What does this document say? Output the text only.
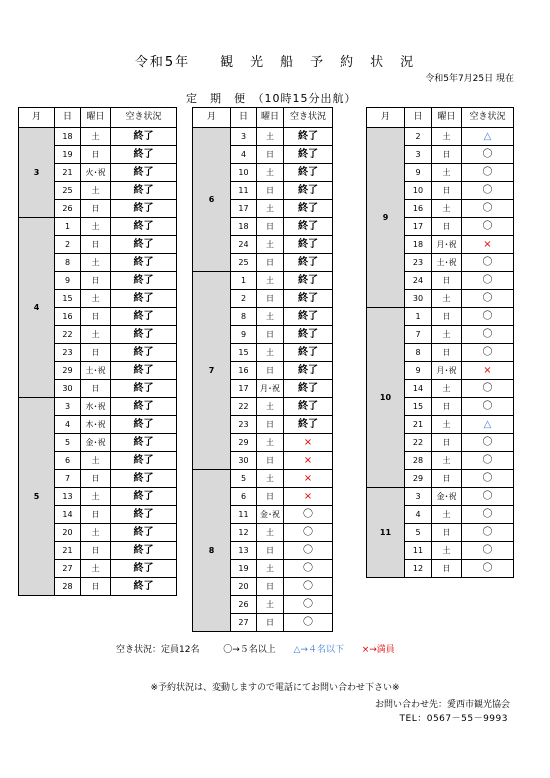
令和5年　　観　光　船　予　約　状　況
令和5年7月25日 現在
定　期　便　（10時15分出航）
月	日	曜日	空き状況
3	18	土	終了
	19	日	終了
	21	火･祝	終了
	25	土	終了
	26	日	終了
4	1	土	終了
	2	日	終了
	8	土	終了
	9	日	終了
	15	土	終了
	16	日	終了
	22	土	終了
	23	日	終了
	29	土･祝	終了
	30	日	終了
5	3	水･祝	終了
	4	木･祝	終了
	5	金･祝	終了
	6	土	終了
	7	日	終了
	13	土	終了
	14	日	終了
	20	土	終了
	21	日	終了
	27	土	終了
	28	日	終了
月	日	曜日	空き状況
6	3	土	終了
	4	日	終了
	10	土	終了
	11	日	終了
	17	土	終了
	18	日	終了
	24	土	終了
	25	日	終了
7	1	土	終了
	2	日	終了
	8	土	終了
	9	日	終了
	15	土	終了
	16	日	終了
	17	月･祝	終了
	22	土	終了
	23	日	終了
	29	土	×
	30	日	×
8	5	土	×
	6	日	×
	11	金･祝	〇
	12	土	〇
	13	日	〇
	19	土	〇
	20	日	〇
	26	土	〇
	27	日	〇
月	日	曜日	空き状況
9	2	土	△
	3	日	〇
	9	土	〇
	10	日	〇
	16	土	〇
	17	日	〇
	18	月･祝	×
	23	土･祝	〇
	24	日	〇
	30	土	〇
10	1	日	〇
	7	土	〇
	8	日	〇
	9	月･祝	×
	14	土	〇
	15	日	〇
	21	土	△
	22	日	〇
	28	土	〇
	29	日	〇
11	3	金･祝	〇
	4	土	〇
	5	日	〇
	11	土	〇
	12	日	〇
空き状況：定員12名	〇→５名以上 △→４名以下 ×→満員
※予約状況は、変動しますので電話にてお問い合わせ下さい※
お問い合わせ先：愛西市観光協会
TEL：0567－55－9993
